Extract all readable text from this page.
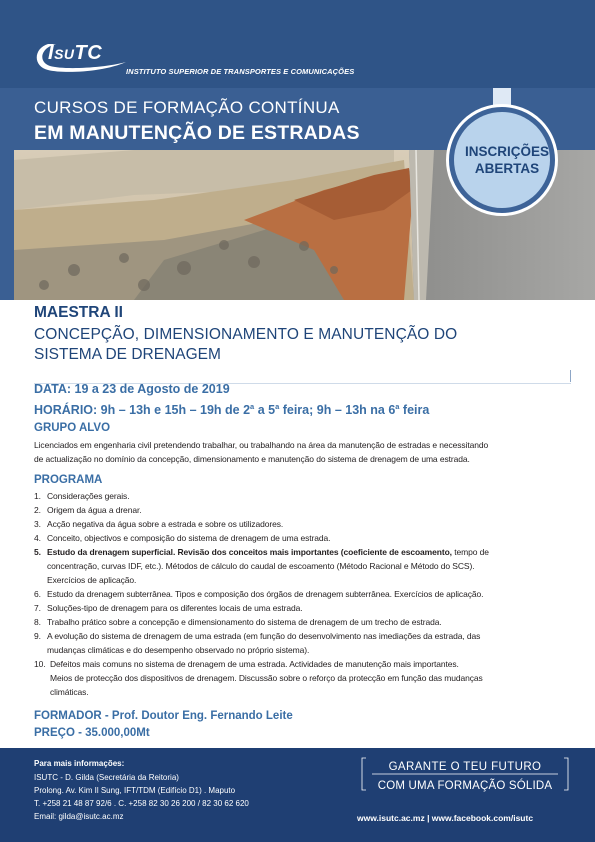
ISUTC
INSTITUTO SUPERIOR DE TRANSPORTES E COMUNICAÇÕES
CURSOS DE FORMAÇÃO CONTÍNUA
EM MANUTENÇÃO DE ESTRADAS
INSCRIÇÕES
ABERTAS
MAESTRA II
CONCEPÇÃO, DIMENSIONAMENTO E MANUTENÇÃO DO
SISTEMA DE DRENAGEM
DATA: 19 a 23 de Agosto de 2019
HORÁRIO: 9h – 13h e 15h – 19h de 2$^a$ a 5$^a$ feira; 9h – 13h na 6$^a$ feira
GRUPO ALVO
Licenciados em engenharia civil pretendendo trabalhar, ou trabalhando na área da manutenção de estradas e necessitando
de actualização no domínio da concepção, dimensionamento e manutenção do sistema de drenagem de uma estrada.
PROGRAMA
1. Considerações gerais.
2. Origem da água a drenar.
3. Acção negativa da água sobre a estrada e sobre os utilizadores.
4. Conceito, objectivos e composição do sistema de drenagem de uma estrada.
5. Estudo da drenagem superficial. Revisão dos conceitos mais importantes (coeficiente de escoamento, tempo de
concentração, curvas IDF, etc.). Métodos de cálculo do caudal de escoamento (Método Racional e Método do SCS).
Exercícios de aplicação.
6. Estudo da drenagem subterrânea. Tipos e composição dos órgãos de drenagem subterrânea. Exercícios de aplicação.
7. Soluções-tipo de drenagem para os diferentes locais de uma estrada.
8. Trabalho prático sobre a concepção e dimensionamento do sistema de drenagem de um trecho de estrada.
9. A evolução do sistema de drenagem de uma estrada (em função do desenvolvimento nas imediações da estrada, das
mudanças climáticas e do desempenho observado no próprio sistema).
10. Defeitos mais comuns no sistema de drenagem de uma estrada. Actividades de manutenção mais importantes.
Meios de protecção dos dispositivos de drenagem. Discussão sobre o reforço da protecção em função das mudanças
climáticas.
FORMADOR - Prof. Doutor Eng. Fernando Leite
PREÇO - 35.000,00Mt
Para mais informações:
ISUTC - D. Gilda (Secretária da Reitoria)
Prolong. Av. Kim Il Sung, IFT/TDM (Edifício D1) . Maputo
T. +258 21 48 87 92/6 . C. +258 82 30 26 200 / 82 30 62 620
Email: gilda@isutc.ac.mz
GARANTE O TEU FUTURO
COM UMA FORMAÇÃO SÓLIDA
www.isutc.ac.mz | www.facebook.com/isutc
